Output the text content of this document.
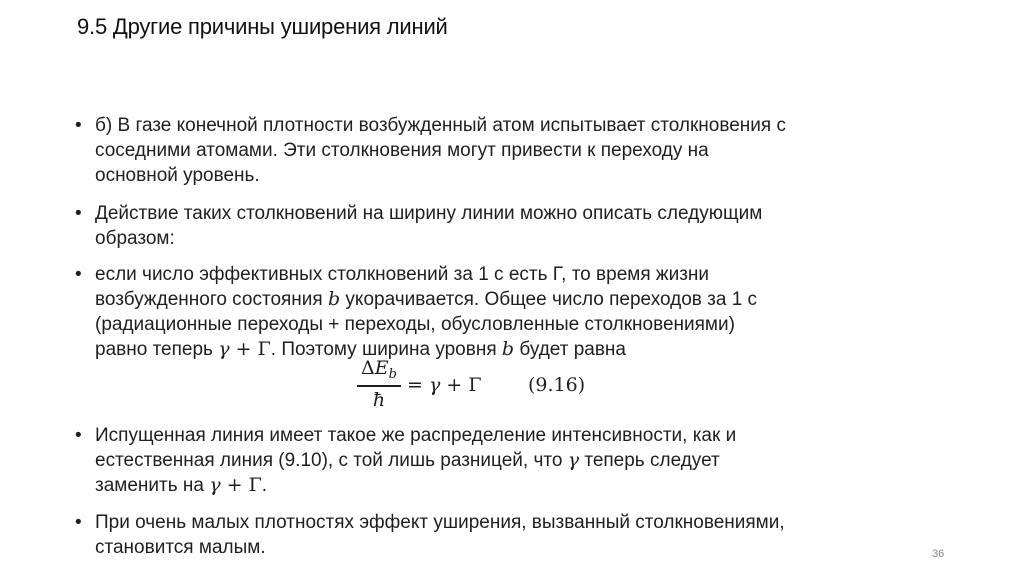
9.5 Другие причины уширения линий
• б) В газе конечной плотности возбужденный атом испытывает столкновения с
соседними атомами. Эти столкновения могут привести к переходу на
основной уровень.
• Действие таких столкновений на ширину линии можно описать следующим
образом:
• если число эффективных столкновений за 1 с есть Γ, то время жизни
возбужденного состояния b укорачивается. Общее число переходов за 1 с
(радиационные переходы + переходы, обусловленные столкновениями)
равно теперь γ + Γ. Поэтому ширина уровня b будет равна
• Испущенная линия имеет такое же распределение интенсивности, как и
естественная линия (9.10), с той лишь разницей, что γ теперь следует
заменить на γ + Γ.
• При очень малых плотностях эффект уширения, вызванный столкновениями,
становится малым.
$\Delta E_b$
ħ
= γ + Γ (9.16)
36
